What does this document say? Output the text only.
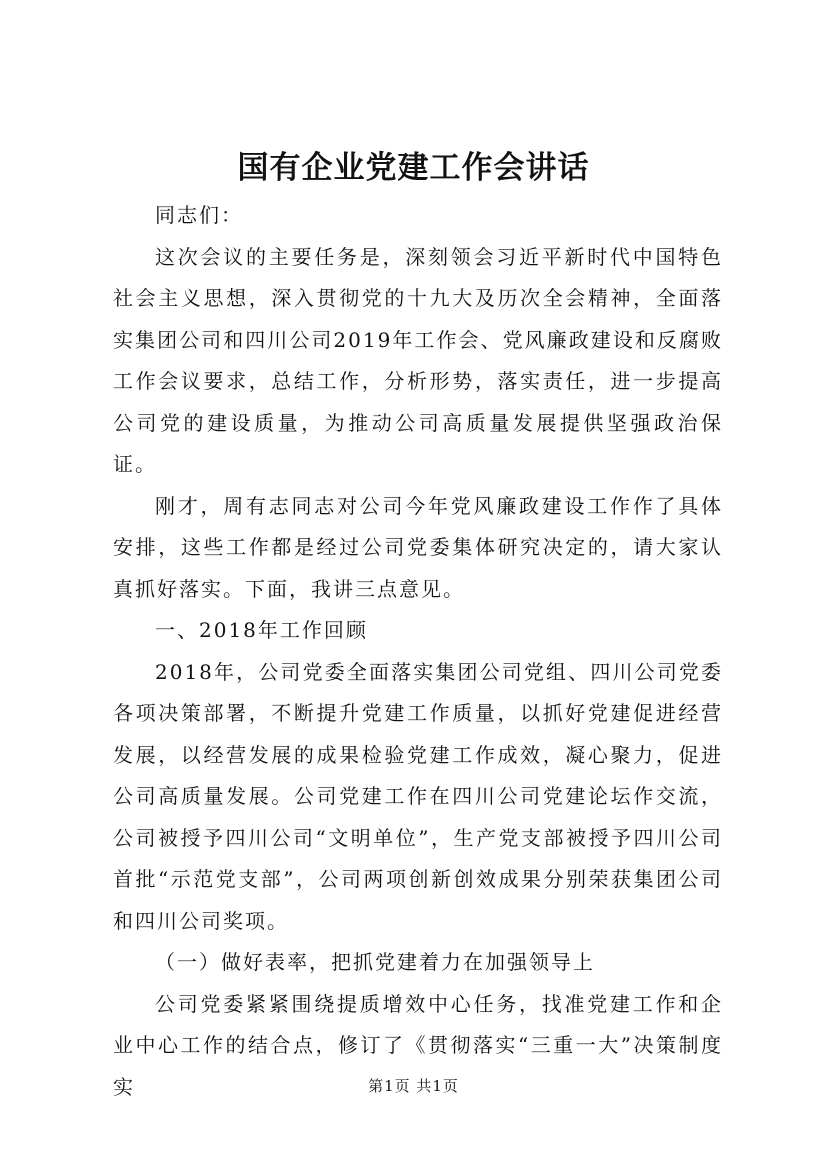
国有企业党建工作会讲话

同志们：

这次会议的主要任务是，深刻领会习近平新时代中国特色社会主义思想，深入贯彻党的十九大及历次全会精神，全面落实集团公司和四川公司2019年工作会、党风廉政建设和反腐败工作会议要求，总结工作，分析形势，落实责任，进一步提高公司党的建设质量，为推动公司高质量发展提供坚强政治保证。

刚才，周有志同志对公司今年党风廉政建设工作作了具体安排，这些工作都是经过公司党委集体研究决定的，请大家认真抓好落实。下面，我讲三点意见。

一、2018年工作回顾

2018年，公司党委全面落实集团公司党组、四川公司党委各项决策部署，不断提升党建工作质量，以抓好党建促进经营发展，以经营发展的成果检验党建工作成效，凝心聚力，促进公司高质量发展。公司党建工作在四川公司党建论坛作交流，公司被授予四川公司“文明单位”，生产党支部被授予四川公司首批“示范党支部”，公司两项创新创效成果分别荣获集团公司和四川公司奖项。

（一）做好表率，把抓党建着力在加强领导上

公司党委紧紧围绕提质增效中心任务，找准党建工作和企业中心工作的结合点，修订了《贯彻落实“三重一大”决策制度实	第1页 共1页
